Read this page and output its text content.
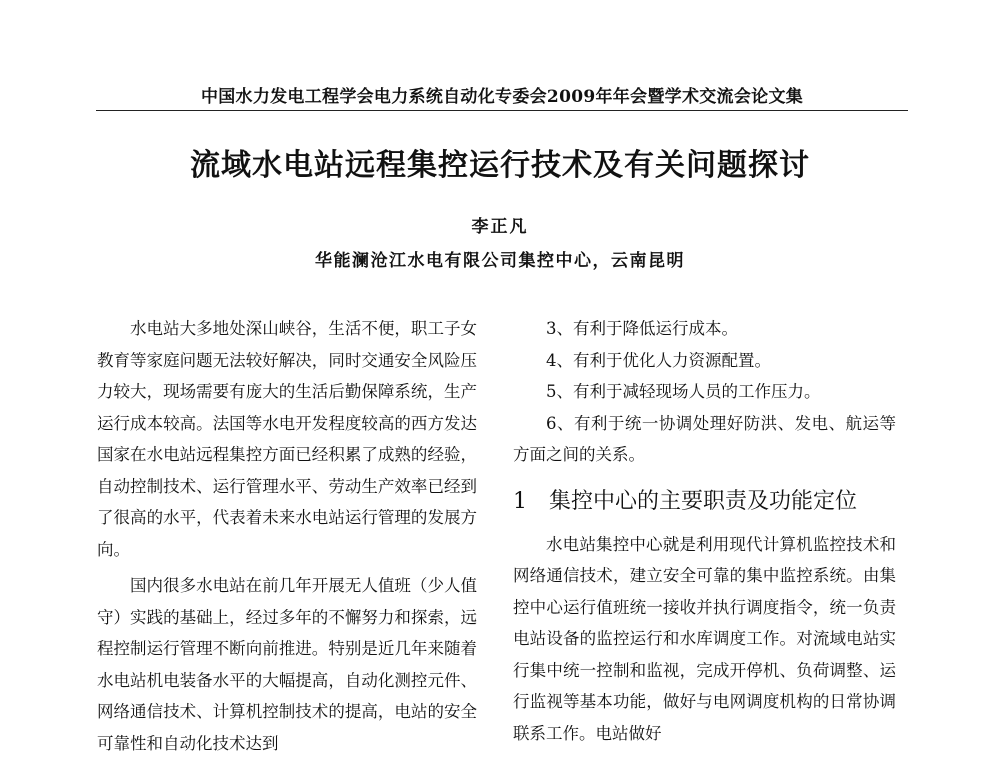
中国水力发电工程学会电力系统自动化专委会2009年年会暨学术交流会论文集
流域水电站远程集控运行技术及有关问题探讨
李正凡
华能澜沧江水电有限公司集控中心，云南昆明

水电站大多地处深山峡谷，生活不便，职工子女教育等家庭问题无法较好解决，同时交通安全风险压力较大，现场需要有庞大的生活后勤保障系统，生产运行成本较高。法国等水电开发程度较高的西方发达国家在水电站远程集控方面已经积累了成熟的经验，自动控制技术、运行管理水平、劳动生产效率已经到了很高的水平，代表着未来水电站运行管理的发展方向。

国内很多水电站在前几年开展无人值班（少人值守）实践的基础上，经过多年的不懈努力和探索，远程控制运行管理不断向前推进。特别是近几年来随着水电站机电装备水平的大幅提高，自动化测控元件、网络通信技术、计算机控制技术的提高，电站的安全可靠性和自动化技术达到

3、有利于降低运行成本。

4、有利于优化人力资源配置。

5、有利于减轻现场人员的工作压力。

6、有利于统一协调处理好防洪、发电、航运等方面之间的关系。

1	集控中心的主要职责及功能定位

水电站集控中心就是利用现代计算机监控技术和网络通信技术，建立安全可靠的集中监控系统。由集控中心运行值班统一接收并执行调度指令，统一负责电站设备的监控运行和水库调度工作。对流域电站实行集中统一控制和监视，完成开停机、负荷调整、运行监视等基本功能，做好与电网调度机构的日常协调联系工作。电站做好
